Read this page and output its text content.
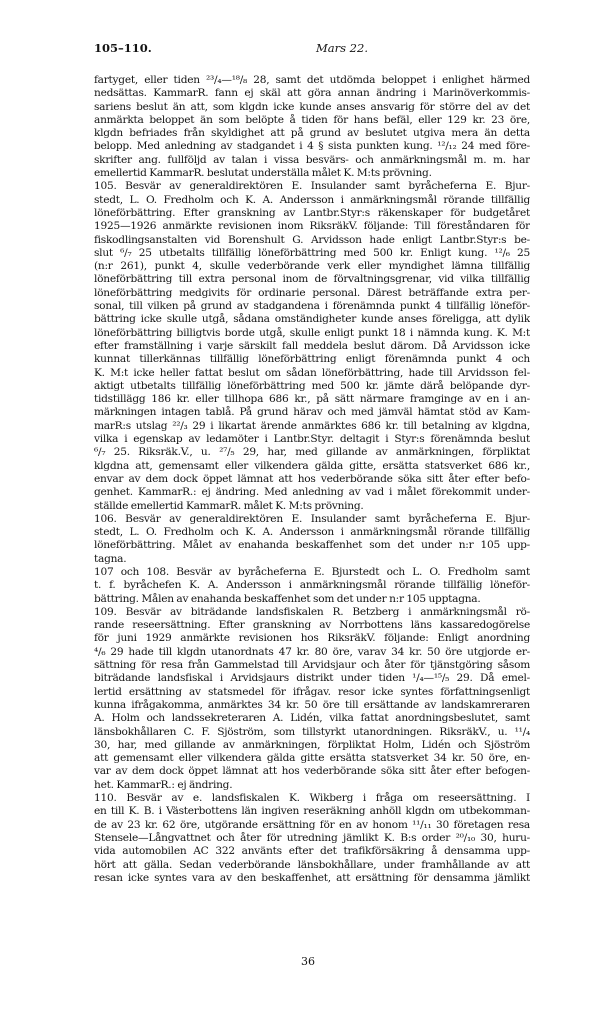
105–110.	Mars 22.
fartyget, eller tiden ²³/₄—¹⁸/₈ 28, samt det utdömda beloppet i enlighet härmed
nedsättas. KammarR. fann ej skäl att göra annan ändring i Marinöverkommis-
sariens beslut än att, som klgdn icke kunde anses ansvarig för större del av det
anmärkta beloppet än som belöpte å tiden för hans befäl, eller 129 kr. 23 öre,
klgdn befriades från skyldighet att på grund av beslutet utgiva mera än detta
belopp. Med anledning av stadgandet i 4 § sista punkten kung. ¹²/₁₂ 24 med före-
skrifter ang. fullföljd av talan i vissa besvärs- och anmärkningsmål m. m. har
emellertid KammarR. beslutat underställa målet K. M:ts prövning.
105. Besvär av generaldirektören E. Insulander samt byråcheferna E. Bjur-
stedt, L. O. Fredholm och K. A. Andersson i anmärkningsmål rörande tillfällig
löneförbättring. Efter granskning av Lantbr.Styr:s räkenskaper för budgetåret
1925—1926 anmärkte revisionen inom RiksräkV. följande: Till föreståndaren för
fiskodlingsanstalten vid Borenshult G. Arvidsson hade enligt Lantbr.Styr:s be-
slut ⁶/₇ 25 utbetalts tillfällig löneförbättring med 500 kr. Enligt kung. ¹²/₆ 25
(n:r 261), punkt 4, skulle vederbörande verk eller myndighet lämna tillfällig
löneförbättring till extra personal inom de förvaltningsgrenar, vid vilka tillfällig
löneförbättring medgivits för ordinarie personal. Därest beträffande extra per-
sonal, till vilken på grund av stadgandena i förenämnda punkt 4 tillfällig löneför-
bättring icke skulle utgå, sådana omständigheter kunde anses föreligga, att dylik
löneförbättring billigtvis borde utgå, skulle enligt punkt 18 i nämnda kung. K. M:t
efter framställning i varje särskilt fall meddela beslut därom. Då Arvidsson icke
kunnat tillerkännas tillfällig löneförbättring enligt förenämnda punkt 4 och
K. M:t icke heller fattat beslut om sådan löneförbättring, hade till Arvidsson fel-
aktigt utbetalts tillfällig löneförbättring med 500 kr. jämte därå belöpande dyr-
tidstillägg 186 kr. eller tillhopa 686 kr., på sätt närmare framginge av en i an-
märkningen intagen tablå. På grund härav och med jämväl hämtat stöd av Kam-
marR:s utslag ²²/₃ 29 i likartat ärende anmärktes 686 kr. till betalning av klgdna,
vilka i egenskap av ledamöter i Lantbr.Styr. deltagit i Styr:s förenämnda beslut
⁶/₇ 25. Riksräk.V., u. ²⁷/₅ 29, har, med gillande av anmärkningen, förpliktat
klgdna att, gemensamt eller vilkendera gälda gitte, ersätta statsverket 686 kr.,
envar av dem dock öppet lämnat att hos vederbörande söka sitt åter efter befo-
genhet. KammarR.: ej ändring. Med anledning av vad i målet förekommit under-
ställde emellertid KammarR. målet K. M:ts prövning.
106. Besvär av generaldirektören E. Insulander samt byråcheferna E. Bjur-
stedt, L. O. Fredholm och K. A. Andersson i anmärkningsmål rörande tillfällig
löneförbättring. Målet av enahanda beskaffenhet som det under n:r 105 upp-
tagna.
107 och 108. Besvär av byråcheferna E. Bjurstedt och L. O. Fredholm samt
t. f. byråchefen K. A. Andersson i anmärkningsmål rörande tillfällig löneför-
bättring. Målen av enahanda beskaffenhet som det under n:r 105 upptagna.
109. Besvär av biträdande landsfiskalen R. Betzberg i anmärkningsmål rö-
rande reseersättning. Efter granskning av Norrbottens läns kassaredogörelse
för juni 1929 anmärkte revisionen hos RiksräkV. följande: Enligt anordning
⁴/₆ 29 hade till klgdn utanordnats 47 kr. 80 öre, varav 34 kr. 50 öre utgjorde er-
sättning för resa från Gammelstad till Arvidsjaur och åter för tjänstgöring såsom
biträdande landsfiskal i Arvidsjaurs distrikt under tiden ¹/₄—¹⁵/₅ 29. Då emel-
lertid ersättning av statsmedel för ifrågav. resor icke syntes författningsenligt
kunna ifrågakomma, anmärktes 34 kr. 50 öre till ersättande av landskamreraren
A. Holm och landssekreteraren A. Lidén, vilka fattat anordningsbeslutet, samt
länsbokhållaren C. F. Sjöström, som tillstyrkt utanordningen. RiksräkV., u. ¹¹/₄
30, har, med gillande av anmärkningen, förpliktat Holm, Lidén och Sjöström
att gemensamt eller vilkendera gälda gitte ersätta statsverket 34 kr. 50 öre, en-
var av dem dock öppet lämnat att hos vederbörande söka sitt åter efter befogen-
het. KammarR.: ej ändring.
110. Besvär av e. landsfiskalen K. Wikberg i fråga om reseersättning. I
en till K. B. i Västerbottens län ingiven reseräkning anhöll klgdn om utbekomman-
de av 23 kr. 62 öre, utgörande ersättning för en av honom ¹¹/₁₁ 30 företagen resa
Stensele—Långvattnet och åter för utredning jämlikt K. B:s order ²⁰/₁₀ 30, huru-
vida automobilen AC 322 använts efter det trafikförsäkring å densamma upp-
hört att gälla. Sedan vederbörande länsbokhållare, under framhållande av att
resan icke syntes vara av den beskaffenhet, att ersättning för densamma jämlikt
36
